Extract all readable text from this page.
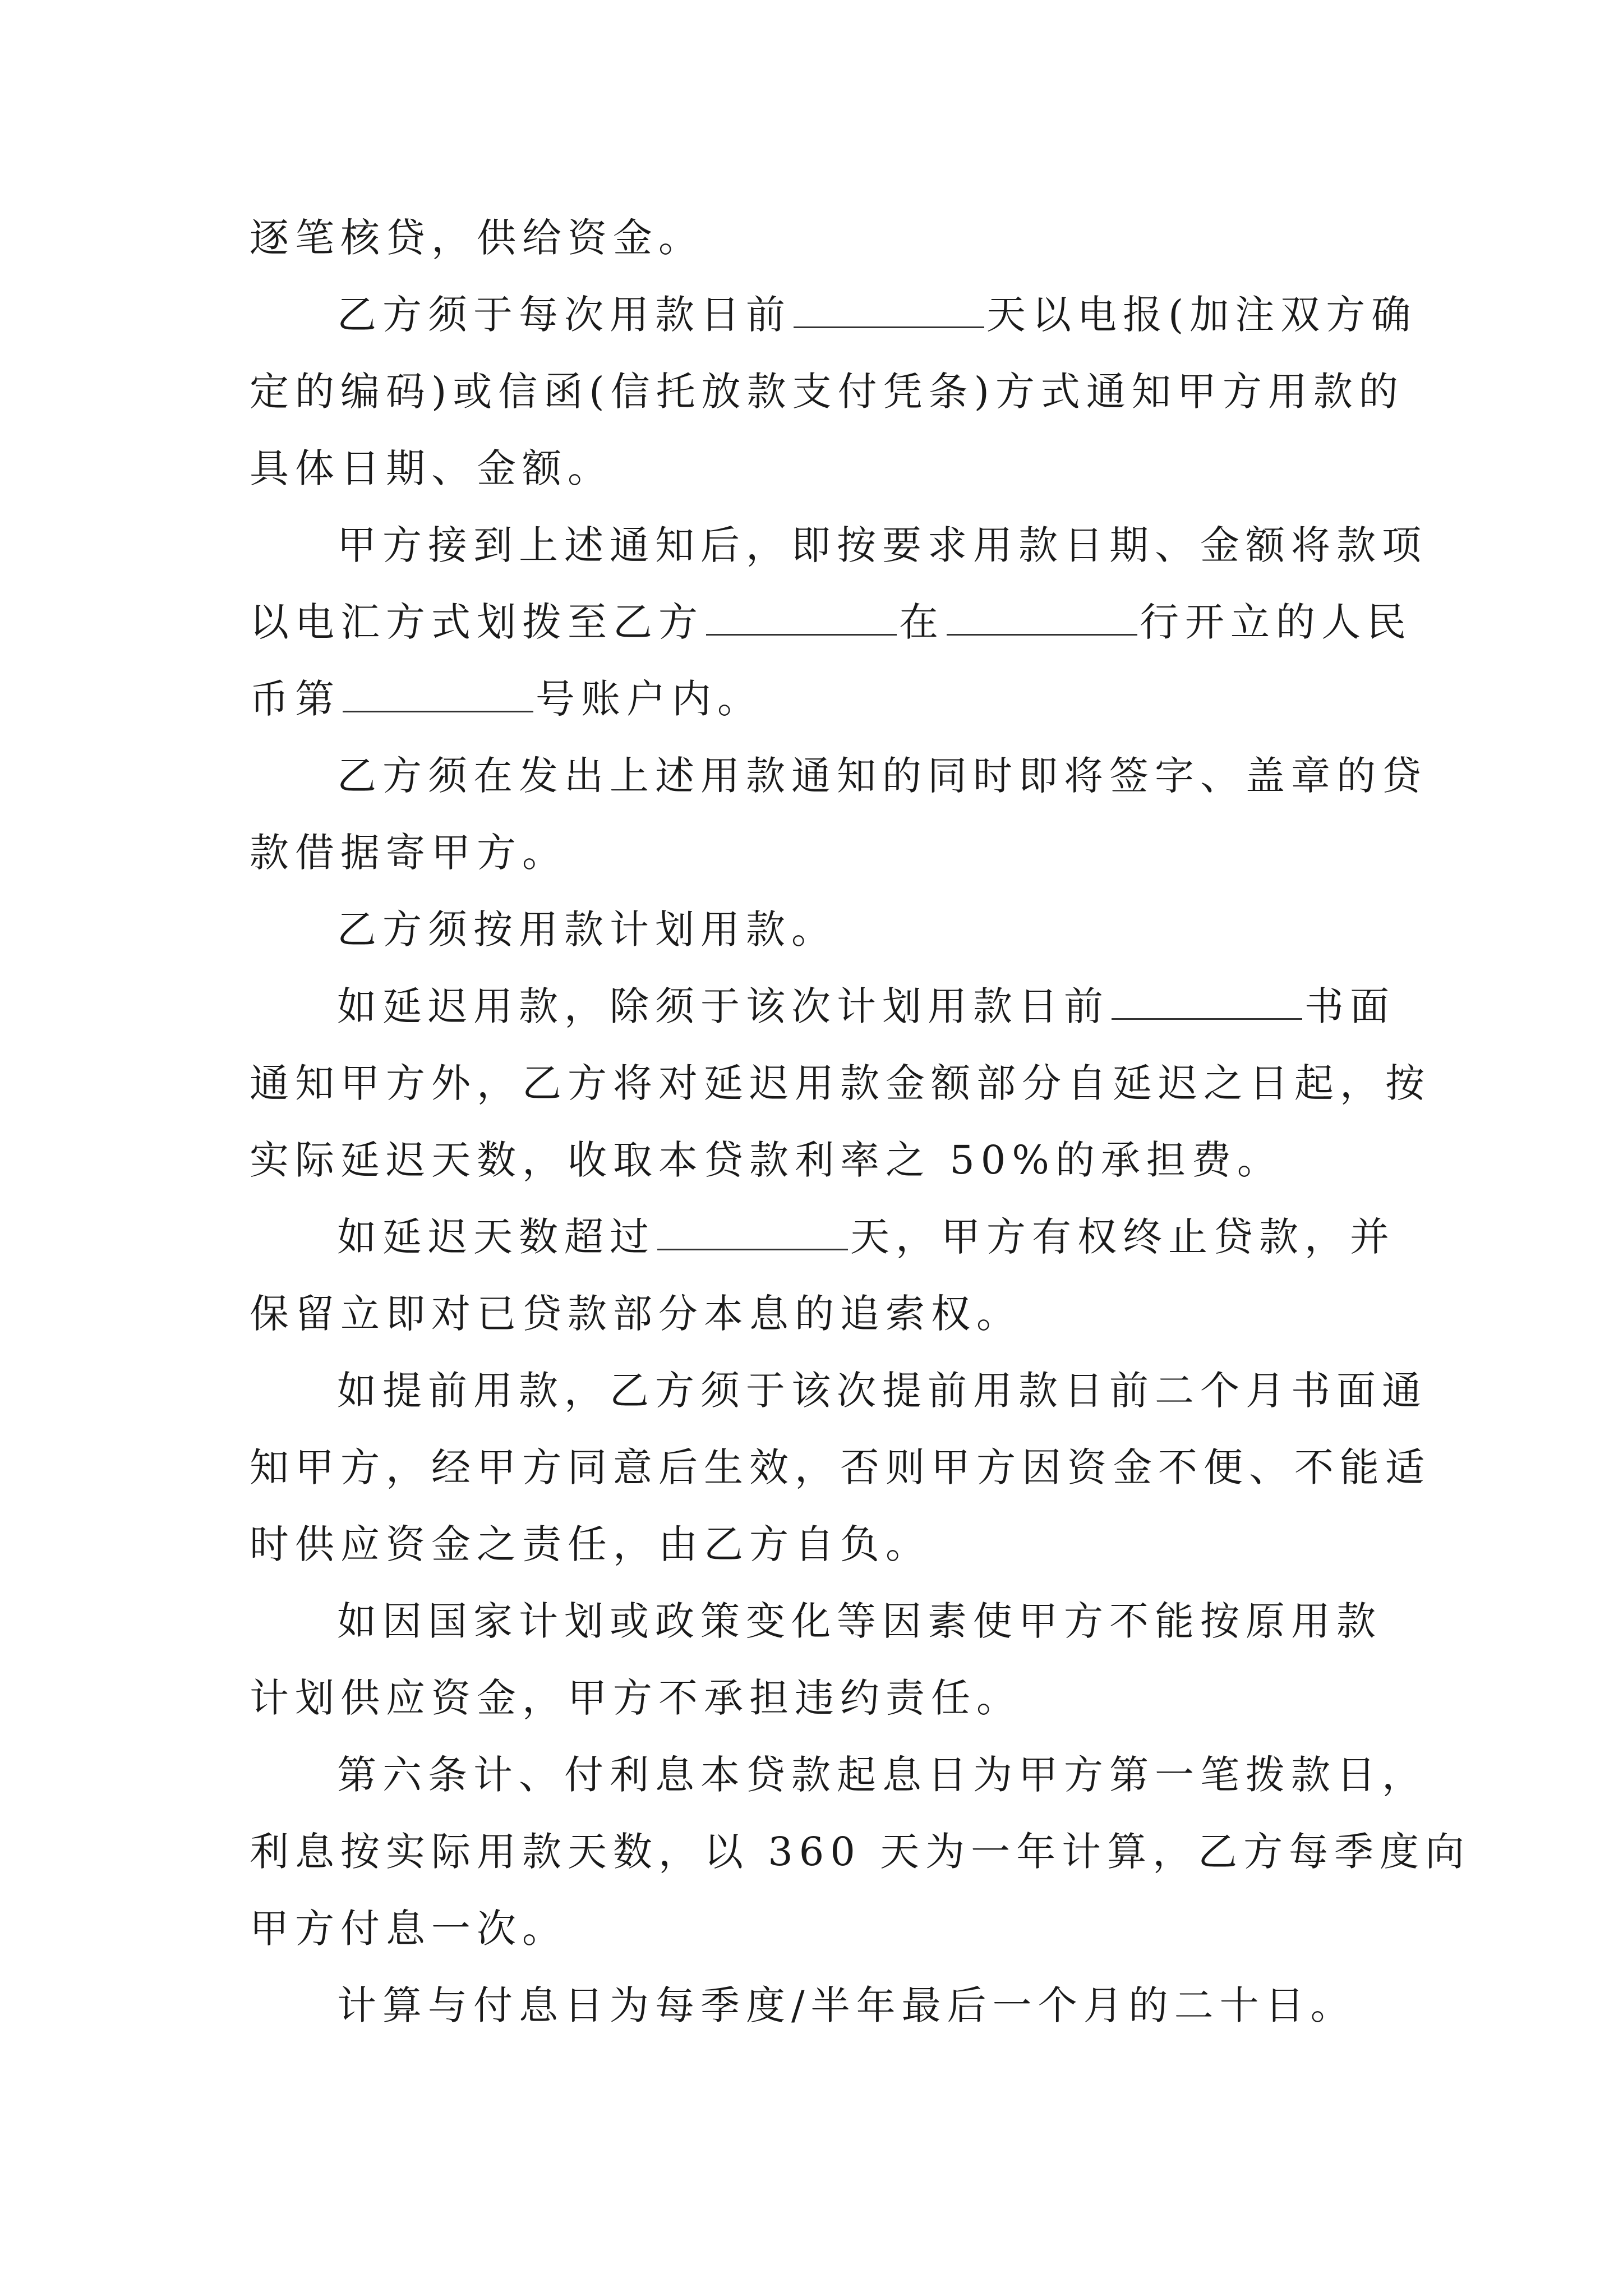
逐笔核贷，供给资金。
乙方须于每次用款日前	天以电报(加注双方确
定的编码)或信函(信托放款支付凭条)方式通知甲方用款的
具体日期、金额。
甲方接到上述通知后，即按要求用款日期、金额将款项
以电汇方式划拨至乙方	在	行开立的人民
币第	号账户内。
乙方须在发出上述用款通知的同时即将签字、盖章的贷
款借据寄甲方。
乙方须按用款计划用款。
如延迟用款，除须于该次计划用款日前	书面
通知甲方外，乙方将对延迟用款金额部分自延迟之日起，按
实际延迟天数，收取本贷款利率之 50%的承担费。
如延迟天数超过	天，甲方有权终止贷款，并
保留立即对已贷款部分本息的追索权。
如提前用款，乙方须于该次提前用款日前二个月书面通
知甲方，经甲方同意后生效，否则甲方因资金不便、不能适
时供应资金之责任，由乙方自负。
如因国家计划或政策变化等因素使甲方不能按原用款
计划供应资金，甲方不承担违约责任。
第六条计、付利息本贷款起息日为甲方第一笔拨款日，
利息按实际用款天数，以 360 天为一年计算，乙方每季度向
甲方付息一次。
计算与付息日为每季度/半年最后一个月的二十日。
